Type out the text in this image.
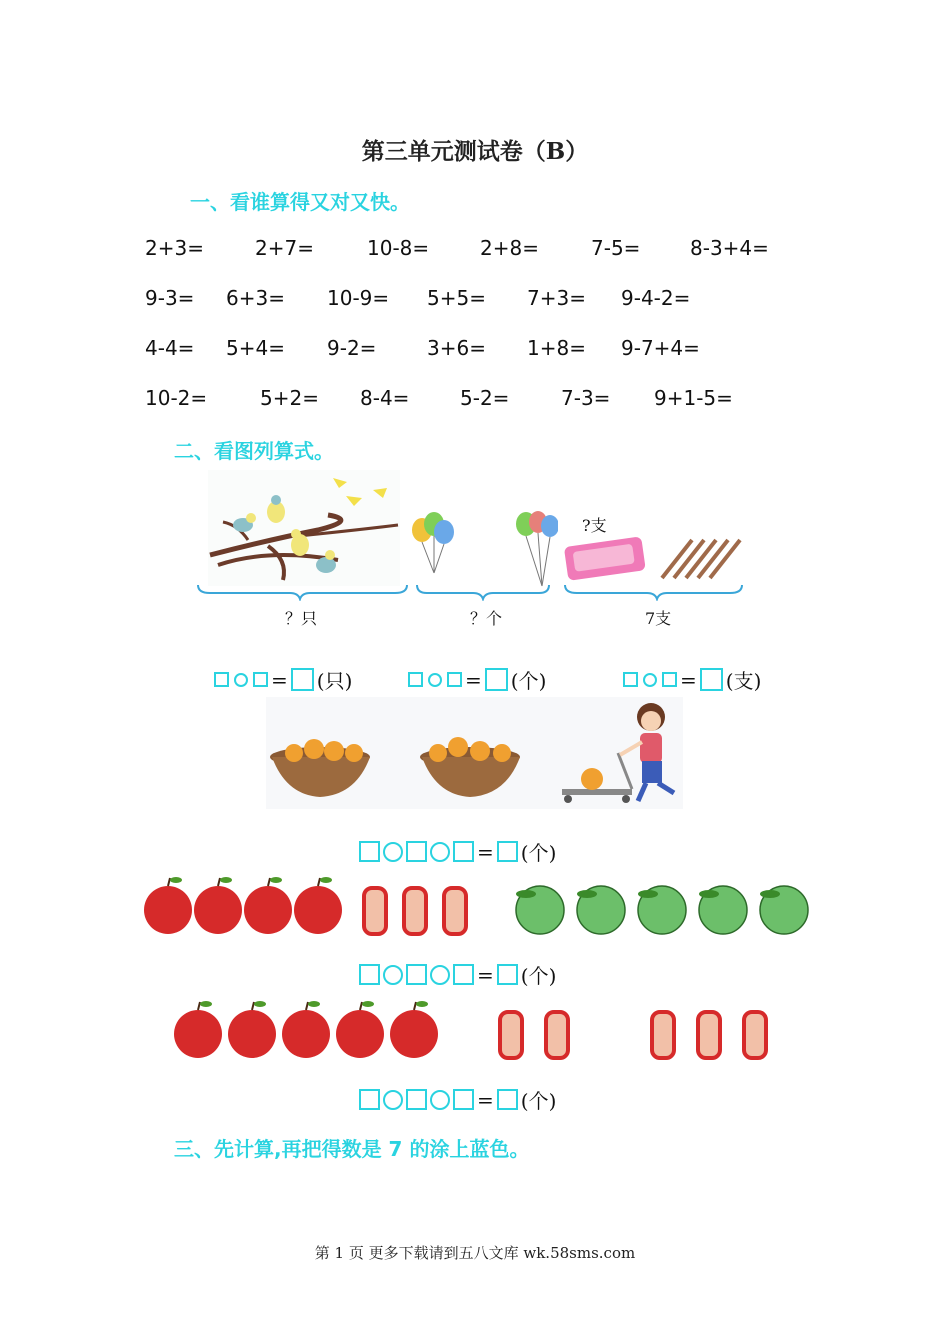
第三单元测试卷（B）
一、看谁算得又对又快。
2+3=	2+7=	10-8=	2+8=	7-5= 8-3+4=
9-3= 6+3= 10-9= 5+5= 7+3= 9-4-2=
4-4= 5+4= 9-2=	3+6= 1+8= 9-7+4=
10-2=	5+2= 8-4=	5-2=	7-3= 9+1-5=
二、看图列算式。
?支
？只	？个	7支
= (只)	= (个)	= (支)
= (个)
= (个)
= (个)
三、先计算,再把得数是 7 的涂上蓝色。
第 1 页 更多下载请到五八文库 wk.58sms.com
